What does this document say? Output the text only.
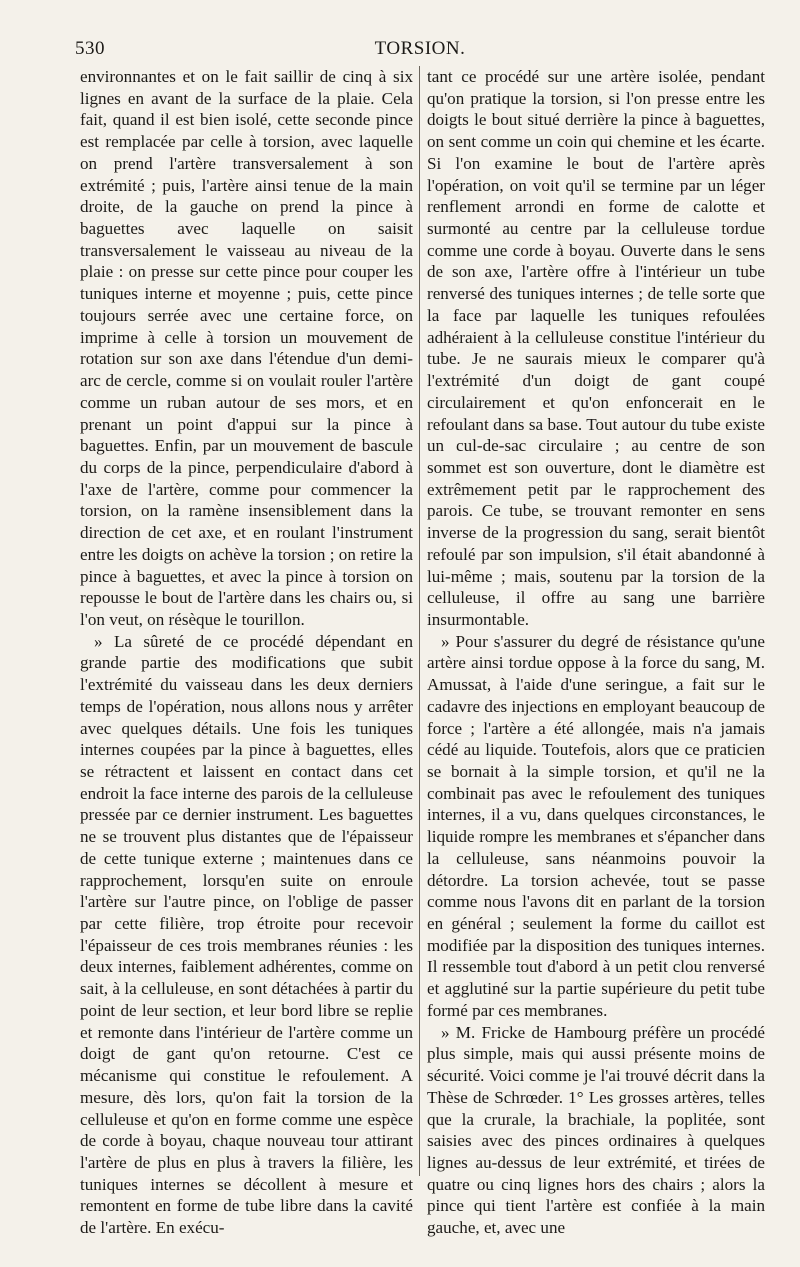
530	TORSION.

environnantes et on le fait saillir de cinq à six lignes en avant de la surface de la plaie. Cela fait, quand il est bien isolé, cette seconde pince est remplacée par celle à torsion, avec laquelle on prend l'artère transversalement à son extrémité ; puis, l'artère ainsi tenue de la main droite, de la gauche on prend la pince à baguettes avec laquelle on saisit transversalement le vaisseau au niveau de la plaie : on presse sur cette pince pour couper les tuniques interne et moyenne ; puis, cette pince toujours serrée avec une certaine force, on imprime à celle à torsion un mouvement de rotation sur son axe dans l'étendue d'un demi-arc de cercle, comme si on voulait rouler l'artère comme un ruban autour de ses mors, et en prenant un point d'appui sur la pince à baguettes. Enfin, par un mouvement de bascule du corps de la pince, perpendiculaire d'abord à l'axe de l'artère, comme pour commencer la torsion, on la ramène insensiblement dans la direction de cet axe, et en roulant l'instrument entre les doigts on achève la torsion ; on retire la pince à baguettes, et avec la pince à torsion on repousse le bout de l'artère dans les chairs ou, si l'on veut, on résèque le tourillon.

» La sûreté de ce procédé dépendant en grande partie des modifications que subit l'extrémité du vaisseau dans les deux derniers temps de l'opération, nous allons nous y arrêter avec quelques détails. Une fois les tuniques internes coupées par la pince à baguettes, elles se rétractent et laissent en contact dans cet endroit la face interne des parois de la celluleuse pressée par ce dernier instrument. Les baguettes ne se trouvent plus distantes que de l'épaisseur de cette tunique externe ; maintenues dans ce rapprochement, lorsqu'en suite on enroule l'artère sur l'autre pince, on l'oblige de passer par cette filière, trop étroite pour recevoir l'épaisseur de ces trois membranes réunies : les deux internes, faiblement adhérentes, comme on sait, à la celluleuse, en sont détachées à partir du point de leur section, et leur bord libre se replie et remonte dans l'intérieur de l'artère comme un doigt de gant qu'on retourne. C'est ce mécanisme qui constitue le refoulement. A mesure, dès lors, qu'on fait la torsion de la celluleuse et qu'on en forme comme une espèce de corde à boyau, chaque nouveau tour attirant l'artère de plus en plus à travers la filière, les tuniques internes se décollent à mesure et remontent en forme de tube libre dans la cavité de l'artère. En exécu-

tant ce procédé sur une artère isolée, pendant qu'on pratique la torsion, si l'on presse entre les doigts le bout situé derrière la pince à baguettes, on sent comme un coin qui chemine et les écarte. Si l'on examine le bout de l'artère après l'opération, on voit qu'il se termine par un léger renflement arrondi en forme de calotte et surmonté au centre par la celluleuse tordue comme une corde à boyau. Ouverte dans le sens de son axe, l'artère offre à l'intérieur un tube renversé des tuniques internes ; de telle sorte que la face par laquelle les tuniques refoulées adhéraient à la celluleuse constitue l'intérieur du tube. Je ne saurais mieux le comparer qu'à l'extrémité d'un doigt de gant coupé circulairement et qu'on enfoncerait en le refoulant dans sa base. Tout autour du tube existe un cul-de-sac circulaire ; au centre de son sommet est son ouverture, dont le diamètre est extrêmement petit par le rapprochement des parois. Ce tube, se trouvant remonter en sens inverse de la progression du sang, serait bientôt refoulé par son impulsion, s'il était abandonné à lui-même ; mais, soutenu par la torsion de la celluleuse, il offre au sang une barrière insurmontable.

» Pour s'assurer du degré de résistance qu'une artère ainsi tordue oppose à la force du sang, M. Amussat, à l'aide d'une seringue, a fait sur le cadavre des injections en employant beaucoup de force ; l'artère a été allongée, mais n'a jamais cédé au liquide. Toutefois, alors que ce praticien se bornait à la simple torsion, et qu'il ne la combinait pas avec le refoulement des tuniques internes, il a vu, dans quelques circonstances, le liquide rompre les membranes et s'épancher dans la celluleuse, sans néanmoins pouvoir la détordre. La torsion achevée, tout se passe comme nous l'avons dit en parlant de la torsion en général ; seulement la forme du caillot est modifiée par la disposition des tuniques internes. Il ressemble tout d'abord à un petit clou renversé et agglutiné sur la partie supérieure du petit tube formé par ces membranes.

» M. Fricke de Hambourg préfère un procédé plus simple, mais qui aussi présente moins de sécurité. Voici comme je l'ai trouvé décrit dans la Thèse de Schrœder. 1° Les grosses artères, telles que la crurale, la brachiale, la poplitée, sont saisies avec des pinces ordinaires à quelques lignes au-dessus de leur extrémité, et tirées de quatre ou cinq lignes hors des chairs ; alors la pince qui tient l'artère est confiée à la main gauche, et, avec une
